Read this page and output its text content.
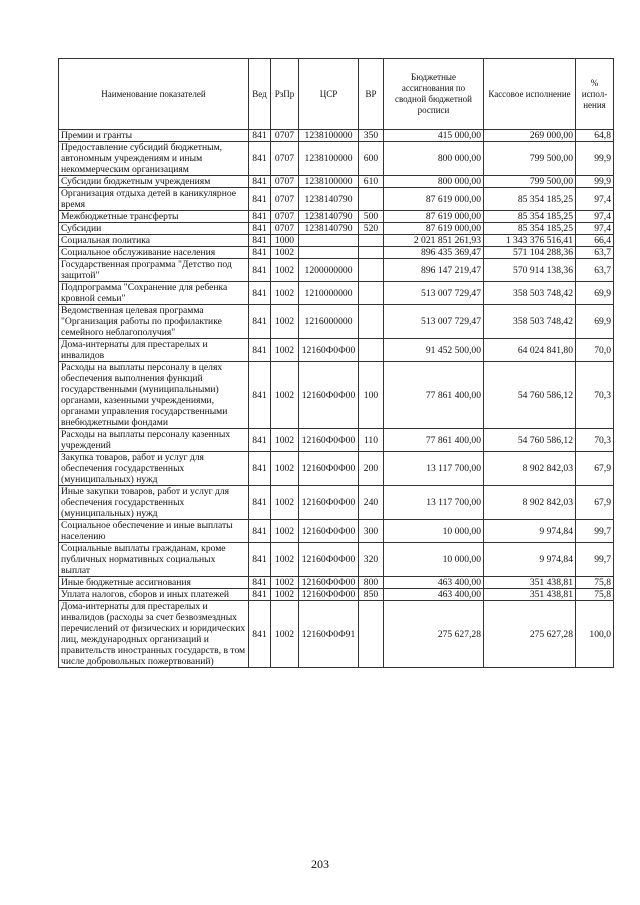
Наименование показателей	Вед	РзПр	ЦСР	ВР	Бюджетные ассигнования по сводной бюджетной росписи	Кассовое исполнение	% испол-нения
Премии и гранты	841	0707	1238100000	350	415 000,00	269 000,00	64,8
Предоставление субсидий бюджетным, автономным учреждениям и иным некоммерческим организациям	841	0707	1238100000	600	800 000,00	799 500,00	99,9
Субсидии бюджетным учреждениям	841	0707	1238100000	610	800 000,00	799 500,00	99,9
Организация отдыха детей в каникулярное время	841	0707	1238140790		87 619 000,00	85 354 185,25	97,4
Межбюджетные трансферты	841	0707	1238140790	500	87 619 000,00	85 354 185,25	97,4
Субсидии	841	0707	1238140790	520	87 619 000,00	85 354 185,25	97,4
Социальная политика	841	1000			2 021 851 261,93	1 343 376 516,41	66,4
Социальное обслуживание населения	841	1002			896 435 369,47	571 104 288,36	63,7
Государственная программа "Детство под защитой"	841	1002	1200000000		896 147 219,47	570 914 138,36	63,7
Подпрограмма "Сохранение для ребенка кровной семьи"	841	1002	1210000000		513 007 729,47	358 503 748,42	69,9
Ведомственная целевая программа "Организация работы по профилактике семейного неблагополучия"	841	1002	1216000000		513 007 729,47	358 503 748,42	69,9
Дома-интернаты для престарелых и инвалидов	841	1002	12160Ф0Ф00		91 452 500,00	64 024 841,80	70,0
Расходы на выплаты персоналу в целях обеспечения выполнения функций государственными (муниципальными) органами, казенными учреждениями, органами управления государственными внебюджетными фондами	841	1002	12160Ф0Ф00	100	77 861 400,00	54 760 586,12	70,3
Расходы на выплаты персоналу казенных учреждений	841	1002	12160Ф0Ф00	110	77 861 400,00	54 760 586,12	70,3
Закупка товаров, работ и услуг для обеспечения государственных (муниципальных) нужд	841	1002	12160Ф0Ф00	200	13 117 700,00	8 902 842,03	67,9
Иные закупки товаров, работ и услуг для обеспечения государственных (муниципальных) нужд	841	1002	12160Ф0Ф00	240	13 117 700,00	8 902 842,03	67,9
Социальное обеспечение и иные выплаты населению	841	1002	12160Ф0Ф00	300	10 000,00	9 974,84	99,7
Социальные выплаты гражданам, кроме публичных нормативных социальных выплат	841	1002	12160Ф0Ф00	320	10 000,00	9 974,84	99,7
Иные бюджетные ассигнования	841	1002	12160Ф0Ф00	800	463 400,00	351 438,81	75,8
Уплата налогов, сборов и иных платежей	841	1002	12160Ф0Ф00	850	463 400,00	351 438,81	75,8
Дома-интернаты для престарелых и инвалидов (расходы за счет безвозмездных перечислений от физических и юридических лиц, международных организаций и правительств иностранных государств, в том числе добровольных пожертвований)	841	1002	12160Ф0Ф91		275 627,28	275 627,28	100,0
203
